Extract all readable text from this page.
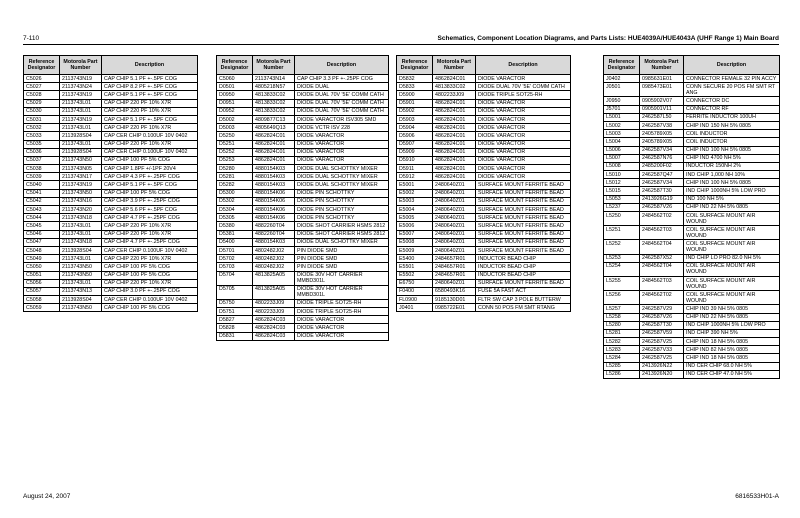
7-110	Schematics, Component Location Diagrams, and Parts Lists: HUE4039A/HUE4043A (UHF Range 1) Main Board
Reference Designator	Motorola Part Number	Description
C5026	2113743N19	CAP CHIP 5.1 PF +-.5PF COG
C5027	2113743N24	CAP CHIP 8.2 PF +-.5PF COG
C5028	2113743N19	CAP CHIP 5.1 PF +-.5PF COG
C5029	2113743L01	CAP CHIP 220 PF 10% X7R
C5030	2113743L01	CAP CHIP 220 PF 10% X7R
C5031	2113743N19	CAP CHIP 5.1 PF +-.5PF COG
C5032	2113743L01	CAP CHIP 220 PF 10% X7R
C5033	2113928S04	CAP CER CHIP 0.100UF 10V 0402
C5035	2113743L01	CAP CHIP 220 PF 10% X7R
C5036	2113928S04	CAP CER CHIP 0.100UF 10V 0402
C5037	2113743N50	CAP CHIP 100 PF 5% COG
C5038	2113743N05	CAP CHIP 1.8PF +/-1PF 20V4
C5039	2113743N17	CAP CHIP 4.3 PF +-.25PF COG
C5040	2113743N19	CAP CHIP 5.1 PF +-.5PF COG
C5041	2113743N50	CAP CHIP 100 PF 5% COG
C5042	2113743N16	CAP CHIP 3.9 PF +-.25PF COG
C5043	2113743N20	CAP CHIP 5.6 PF +-.5PF COG
C5044	2113743N18	CAP CHIP 4.7 PF +-.25PF COG
C5045	2113743L01	CAP CHIP 220 PF 10% X7R
C5046	2113743L01	CAP CHIP 220 PF 10% X7R
C5047	2113743N18	CAP CHIP 4.7 PF +-.25PF COG
C5048	2113928S04	CAP CER CHIP 0.100UF 10V 0402
C5049	2113743L01	CAP CHIP 220 PF 10% X7R
C5050	2113743N50	CAP CHIP 100 PF 5% COG
C5051	2113743N50	CAP CHIP 100 PF 5% COG
C5056	2113743L01	CAP CHIP 220 PF 10% X7R
C5057	2113743N13	CAP CHIP 3.0 PF +-.25PF COG
C5058	2113928S04	CAP CER CHIP 0.100UF 10V 0402
C5059	2113743N50	CAP CHIP 100 PF 5% COG
Reference Designator	Motorola Part Number	Description
C5060	2113743N14	CAP CHIP 3.3 PF +-.25PF COG
D0501	4805218N57	DIODE DUAL
D0950	4813833C02	DIODE DUAL 70V '5E' COMM CATH
D0951	4813833C02	DIODE DUAL 70V '5E' COMM CATH
D0952	4813833C02	DIODE DUAL 70V '5E' COMM CATH
D5002	4809877C13	DIODE VARACTOR ISV305 SMD
D5003	4805649Q13	DIODE VCTR ISV 228
D5250	4862824C01	DIODE VARACTOR
D5251	4862824C01	DIODE VARACTOR
D5252	4862824C01	DIODE VARACTOR
D5253	4862824C01	DIODE VARACTOR
D5280	4880154K03	DIODE DUAL SCHOTTKY MIXER
D5281	4880154K03	DIODE DUAL SCHOTTKY MIXER
D5282	4880154K03	DIODE DUAL SCHOTTKY MIXER
D5300	4880154K06	DIODE PIN SCHOTTKY
D5302	4880154K06	DIODE PIN SCHOTTKY
D5304	4880154K06	DIODE PIN SCHOTTKY
D5305	4880154K06	DIODE PIN SCHOTTKY
D5380	4882260T04	DIODE SHOT CARRIER HSMS 2812
D5381	4882260T04	DIODE SHOT CARRIER HSMS 2812
D5400	4880154K03	DIODE DUAL SCHOTTKY MIXER
D5701	4802482J02	PIN DIODE SMD
D5702	4802482J02	PIN DIODE SMD
D5703	4802482J02	PIN DIODE SMD
D5704	4813825A05	DIODE 30V HOT CARRIER MMBD301L
D5705	4813825A05	DIODE 30V HOT CARRIER MMBD301L
D5750	4802233J09	DIODE TRIPLE SOT25-RH
D5751	4802233J09	DIODE TRIPLE SOT25-RH
D5827	4862824C03	DIODE VARACTOR
D5828	4862824C03	DIODE VARACTOR
D5831	4862824C03	DIODE VARACTOR
Reference Designator	Motorola Part Number	Description
D5832	4862824C01	DIODE VARACTOR
D5833	4813833C02	DIODE DUAL 70V '5E' COMM CATH
D5900	4802233J09	DIODE TRIPLE SOT25-RH
D5901	4862824C01	DIODE VARACTOR
D5902	4862824C01	DIODE VARACTOR
D5903	4862824C01	DIODE VARACTOR
D5904	4862824C01	DIODE VARACTOR
D5906	4862824C01	DIODE VARACTOR
D5907	4862824C01	DIODE VARACTOR
D5909	4862824C01	DIODE VARACTOR
D5910	4862824C01	DIODE VARACTOR
D5911	4862824C01	DIODE VARACTOR
D5912	4862824C01	DIODE VARACTOR
E5001	2480640Z01	SURFACE MOUNT FERRITE BEAD
E5002	2480640Z01	SURFACE MOUNT FERRITE BEAD
E5003	2480640Z01	SURFACE MOUNT FERRITE BEAD
E5004	2480640Z01	SURFACE MOUNT FERRITE BEAD
E5005	2480640Z01	SURFACE MOUNT FERRITE BEAD
E5006	2480640Z01	SURFACE MOUNT FERRITE BEAD
E5007	2480640Z01	SURFACE MOUNT FERRITE BEAD
E5008	2480640Z01	SURFACE MOUNT FERRITE BEAD
E5009	2480640Z01	SURFACE MOUNT FERRITE BEAD
E5400	2484657R01	INDUCTOR BEAD CHIP
E5501	2484657R01	INDUCTOR BEAD CHIP
E5502	2484657R01	INDUCTOR BEAD CHIP
E6750	2480640Z01	SURFACE MOUNT FERRITE BEAD
F0400	6580493K16	FUSE 5A FAST ACT
FL0900	9185130D01	FLTR SW CAP 3 POLE BUTTERW
J0401	0985722E01	CONN 50 POS FM SMT RTANG
Reference Designator	Motorola Part Number	Description
J0402	0985631E01	CONNECTOR FEMALE 32 PIN ACCY
J0501	0985473E01	CONN SECURE 20 POS FM SMT RT ANG
J0950	0905902V07	CONNECTOR DC
J5701	0905901V11	CONNECTOR RF
L5001	2462587L50	FERRITE INDUCTOR 100UH
L5002	2462587V38	CHIP IND 150 NH 5% 0805
L5003	2405789X05	COIL INDUCTOR
L5004	2405789X05	COIL INDUCTOR
L5006	2462587V34	CHIP IND 100 NH 5% 0805
L5007	2462587N76	CHIP IND 4700 NH 5%
L5008	2485200F02	INDUCTOR 150NH 2%
L5010	2462587Q47	IND CHIP 1,000 NH 10%
L5012	2462587V34	CHIP IND 100 NH 5% 0805
L5015	2462587T30	IND CHIP 1000NH 5% LOW PRO
L5053	2413926G19	IND 100 NH 5%
L5237	2462587V26	CHIP IND 22 NH 5% 0805
L5250	2484562T02	COIL SURFACE MOUNT AIR WOUND
L5251	2484562T03	COIL SURFACE MOUNT AIR WOUND
L5252	2484562T04	COIL SURFACE MOUNT AIR WOUND
L5253	2462587X52	IND CHIP LO PRO 82.0 NH 5%
L5254	2484562T04	COIL SURFACE MOUNT AIR WOUND
L5255	2484562T03	COIL SURFACE MOUNT AIR WOUND
L5256	2484562T02	COIL SURFACE MOUNT AIR WOUND
L5257	2462587V29	CHIP IND 39 NH 5% 0805
L5258	2462587V26	CHIP IND 22 NH 5% 0805
L5280	2462587T30	IND CHIP 1000NH 5% LOW PRO
L5281	2462587V59	IND CHIP 390 NH 5%
L5282	2462587V25	CHIP IND 18 NH 5% 0805
L5283	2462587V33	CHIP IND 82 NH 5% 0805
L5284	2462587V25	CHIP IND 18 NH 5% 0805
L5285	2413926N22	IND CER CHIP 68.0 NH 5%
L5286	2413926N20	IND CER CHIP 47.0 NH 5%
August 24, 2007	6816533H01-A
